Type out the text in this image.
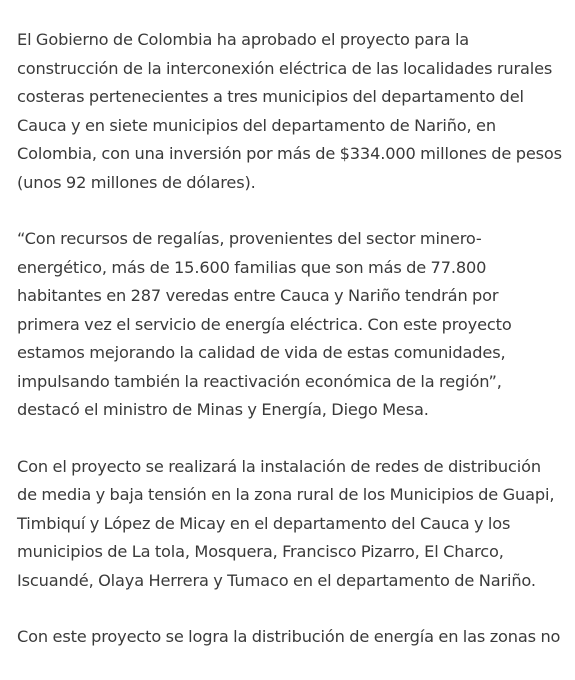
El Gobierno de Colombia ha aprobado el proyecto para la construcción de la interconexión eléctrica de las localidades rurales costeras pertenecientes a tres municipios del departamento del Cauca y en siete municipios del departamento de Nariño, en Colombia, con una inversión por más de $334.000 millones de pesos (unos 92 millones de dólares).

“Con recursos de regalías, provenientes del sector minero-energético, más de 15.600 familias que son más de 77.800 habitantes en 287 veredas entre Cauca y Nariño tendrán por primera vez el servicio de energía eléctrica. Con este proyecto estamos mejorando la calidad de vida de estas comunidades, impulsando también la reactivación económica de la región”, destacó el ministro de Minas y Energía, Diego Mesa.

Con el proyecto se realizará la instalación de redes de distribución de media y baja tensión en la zona rural de los Municipios de Guapi, Timbiquí y López de Micay en el departamento del Cauca y los municipios de La tola, Mosquera, Francisco Pizarro, El Charco, Iscuandé, Olaya Herrera y Tumaco en el departamento de Nariño.

Con este proyecto se logra la distribución de energía en las zonas no
